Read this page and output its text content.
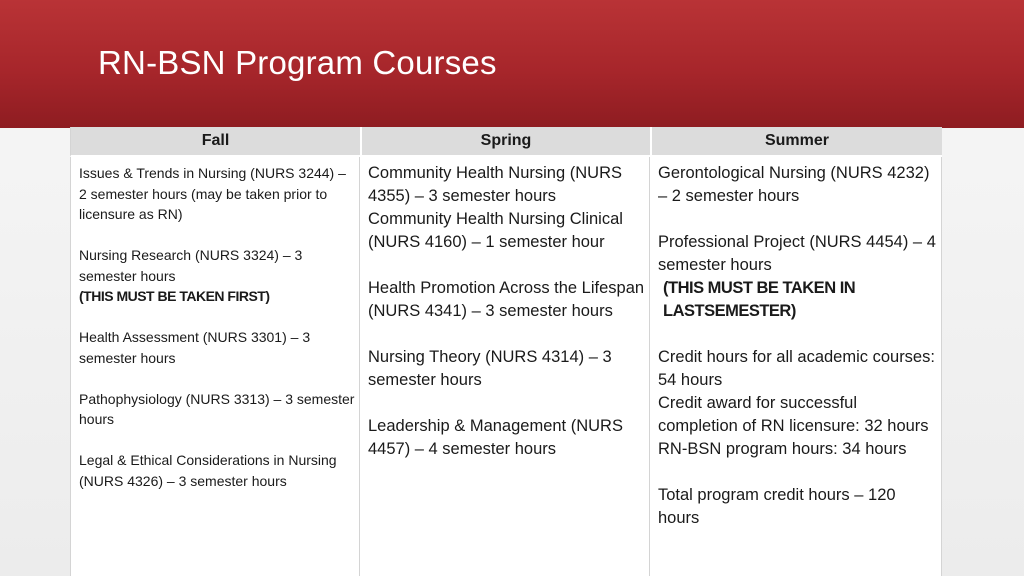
RN-BSN Program Courses
Fall
Issues & Trends in Nursing (NURS 3244) – 2 semester hours (may be taken prior to licensure as RN)
Nursing Research (NURS 3324) – 3 semester hours
(THIS MUST BE TAKEN FIRST)
Health Assessment (NURS 3301) – 3 semester hours
Pathophysiology (NURS 3313) – 3 semester hours
Legal & Ethical Considerations in Nursing (NURS 4326) – 3 semester hours
Spring
Community Health Nursing (NURS 4355) – 3 semester hours
Community Health Nursing Clinical (NURS 4160) – 1 semester hour
Health Promotion Across the Lifespan (NURS 4341) – 3 semester hours
Nursing Theory (NURS 4314) – 3 semester hours
Leadership & Management (NURS 4457) – 4 semester hours
Summer
Gerontological Nursing (NURS 4232) – 2 semester hours
Professional Project (NURS 4454) – 4 semester hours
(THIS MUST BE TAKEN IN LASTSEMESTER)
Credit hours for all academic courses: 54 hours
Credit award for successful completion of RN licensure: 32 hours
RN-BSN program hours: 34 hours
Total program credit hours – 120 hours
